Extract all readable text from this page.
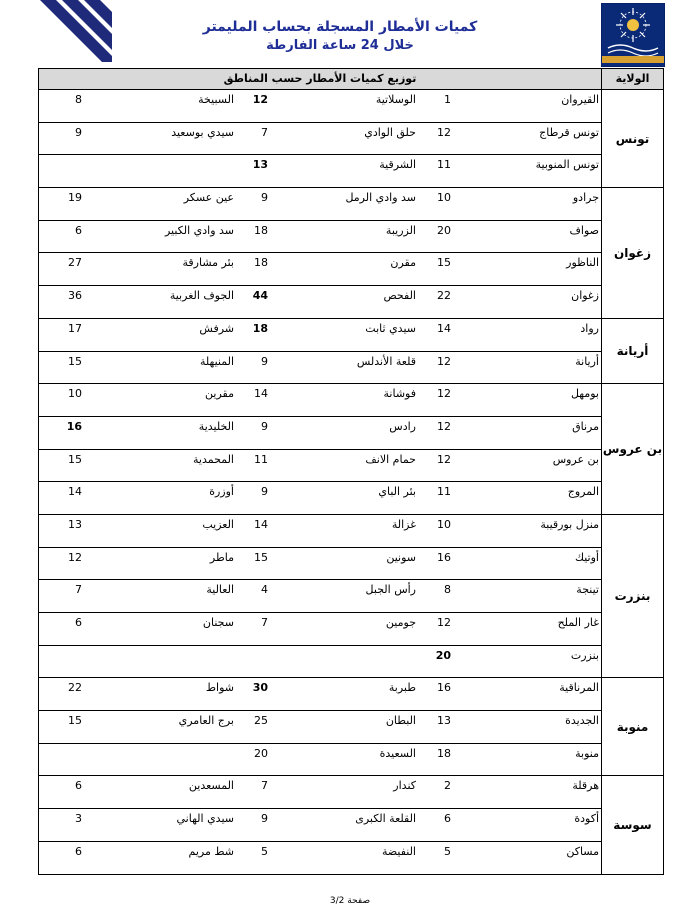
كميات الأمطار المسجلة بحساب المليمتر
خلال 24 ساعة الفارطة
الولاية
توزيع كميات الأمطار حسب المناطق
تونس
القيروان
1
الوسلاتية
12
السبيخة
8
تونس قرطاج
12
حلق الوادي
7
سيدي بوسعيد
9
تونس المنوبية
11
الشرقية
13
زغوان
جرادو
10
سد وادي الرمل
9
عين عسكر
19
صواف
20
الزريبة
18
سد وادي الكبير
6
الناظور
15
مقرن
18
بئر مشارقة
27
زغوان
22
الفحص
44
الجوف الغربية
36
أريانة
رواد
14
سيدي ثابت
18
شرفش
17
أريانة
12
قلعة الأندلس
9
المنيهلة
15
بن عروس
بومهل
12
فوشانة
14
مقرين
10
مرناق
12
رادس
9
الخليدية
16
بن عروس
12
حمام الانف
11
المحمدية
15
المروج
11
بئر الباي
9
أوزرة
14
بنزرت
منزل بورقيبة
10
غزالة
14
العزيب
13
أوتيك
16
سونين
15
ماطر
12
تينجة
8
رأس الجبل
4
العالية
7
غار الملح
12
جومين
7
سجنان
6
بنزرت
20
منوبة
المرناقية
16
طبربة
30
شواط
22
الجديدة
13
البطان
25
برج العامري
15
منوبة
18
السعيدة
20
سوسة
هرقلة
2
كندار
7
المسعدين
6
أكودة
6
القلعة الكبرى
9
سيدي الهاني
3
مساكن
5
النفيضة
5
شط مريم
6
صفحة 3/2
